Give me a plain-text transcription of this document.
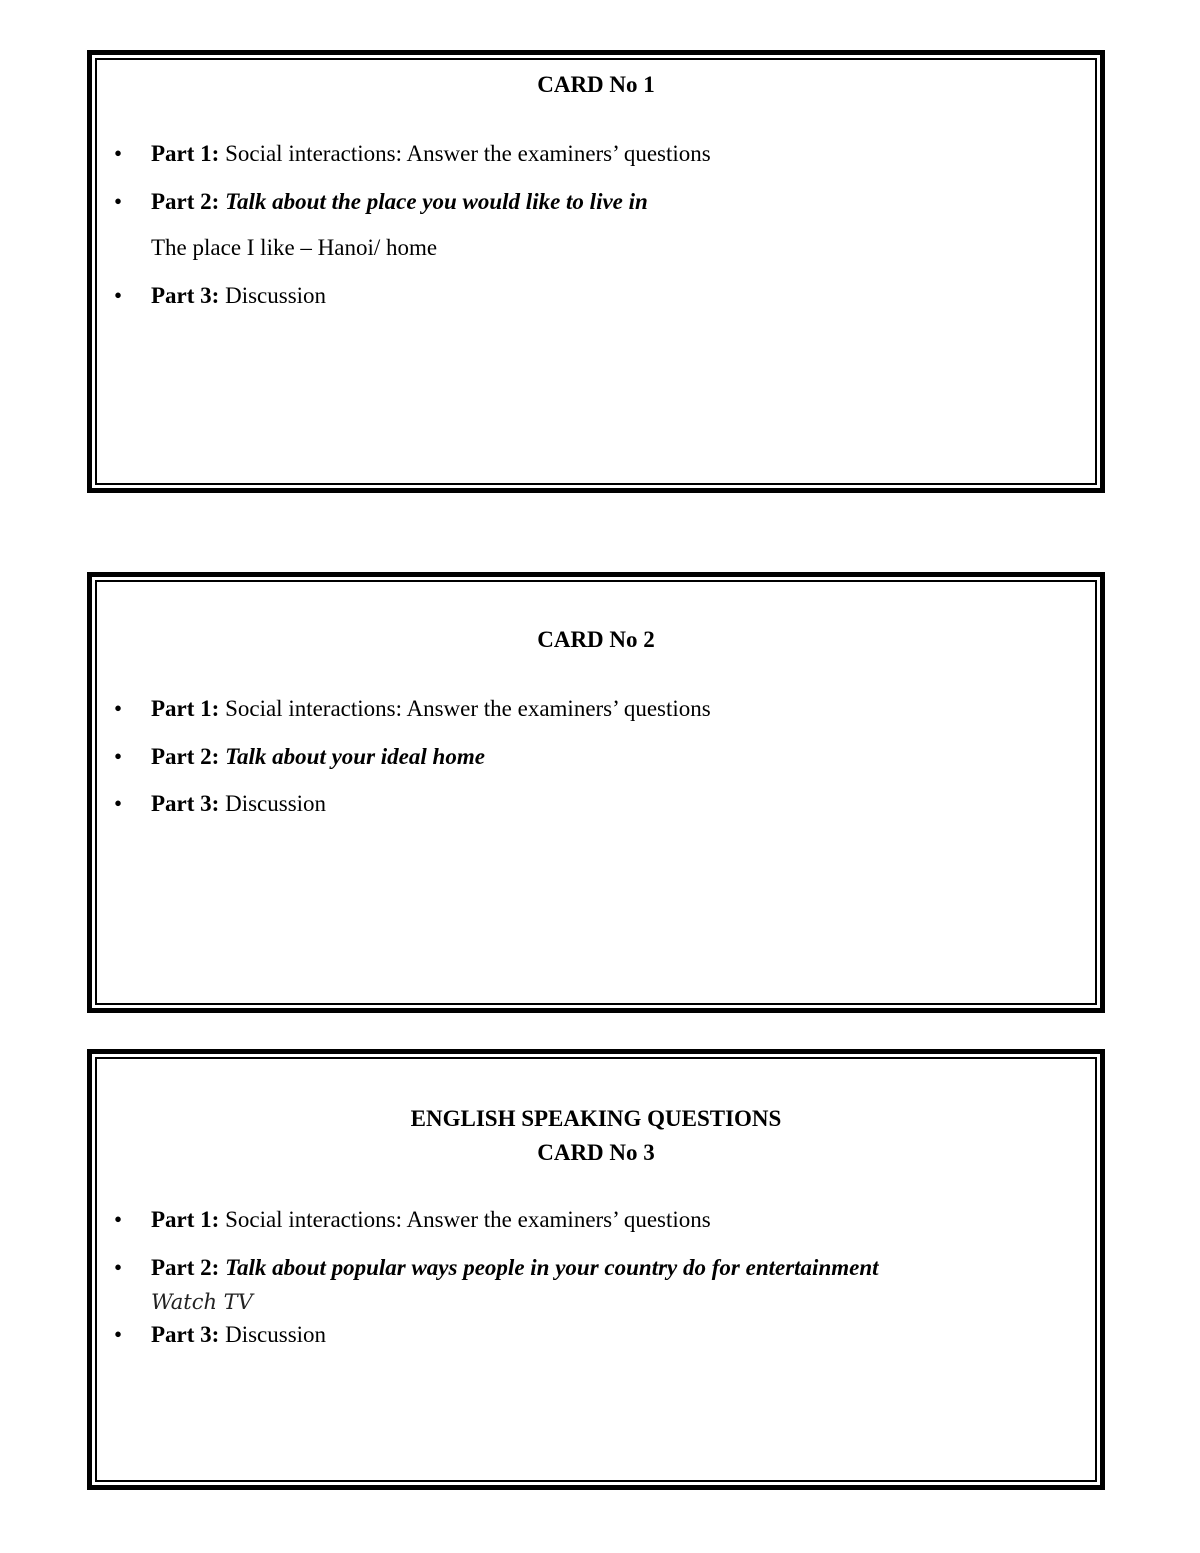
CARD No 1
• Part 1: Social interactions: Answer the examiners’ questions
• Part 2: Talk about the place you would like to live in
The place I like – Hanoi/ home
• Part 3: Discussion
CARD No 2
• Part 1: Social interactions: Answer the examiners’ questions
• Part 2: Talk about your ideal home
• Part 3: Discussion
ENGLISH SPEAKING QUESTIONS
CARD No 3
• Part 1: Social interactions: Answer the examiners’ questions
• Part 2: Talk about popular ways people in your country do for entertainment
Watch TV
• Part 3: Discussion
